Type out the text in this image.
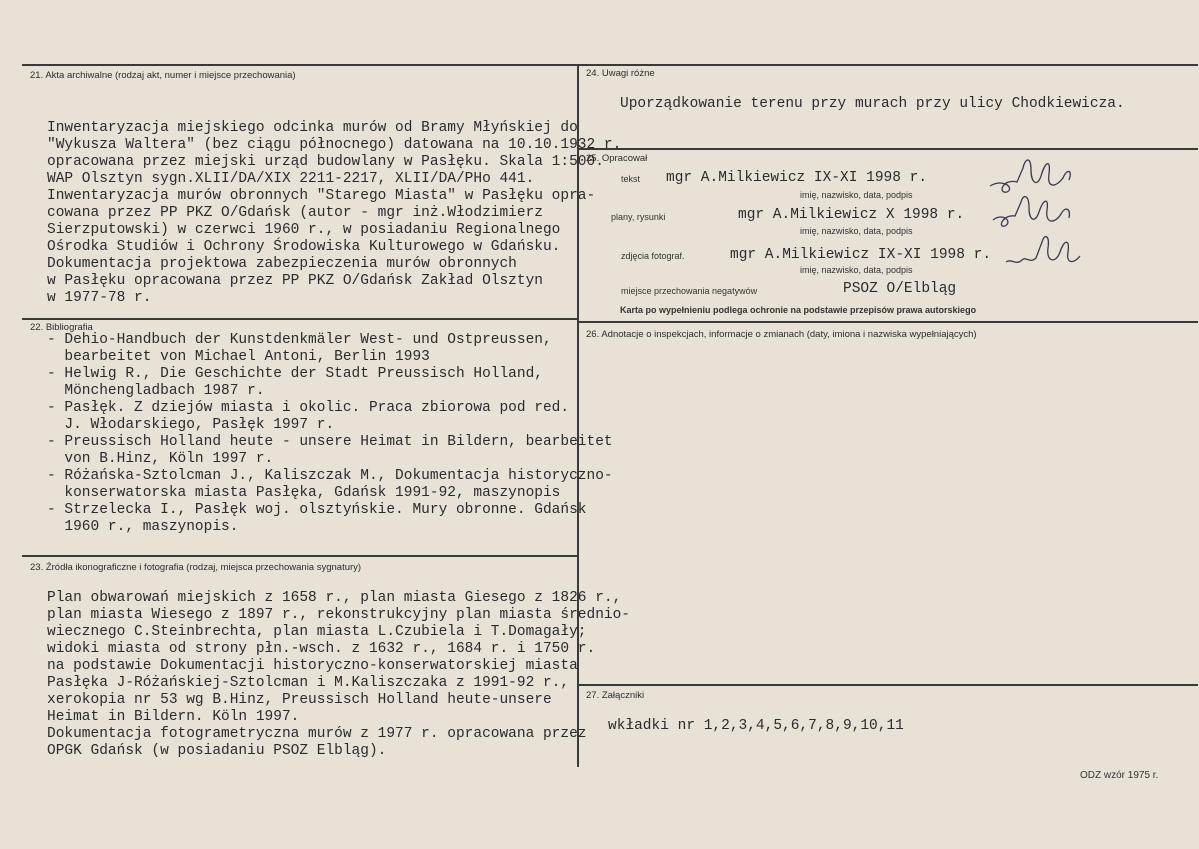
21. Akta archiwalne (rodzaj akt, numer i miejsce przechowania)
Inwentaryzacja miejskiego odcinka murów od Bramy Młyńskiej do
"Wykusza Waltera" (bez ciągu północnego) datowana na 10.10.1932 r.
opracowana przez miejski urząd budowlany w Pasłęku. Skala 1:500.
WAP Olsztyn sygn.XLII/DA/XIX 2211-2217, XLII/DA/PHo 441.
Inwentaryzacja murów obronnych "Starego Miasta" w Pasłęku opra-
cowana przez PP PKZ O/Gdańsk (autor - mgr inż.Włodzimierz
Sierzputowski) w czerwci 1960 r., w posiadaniu Regionalnego
Ośrodka Studiów i Ochrony Środowiska Kulturowego w Gdańsku.
Dokumentacja projektowa zabezpieczenia murów obronnych
w Pasłęku opracowana przez PP PKZ O/Gdańsk Zakład Olsztyn
w 1977-78 r.
22. Bibliografia
- Dehio-Handbuch der Kunstdenkmäler West- und Ostpreussen,
bearbeitet von Michael Antoni, Berlin 1993
- Helwig R., Die Geschichte der Stadt Preussisch Holland,
Mönchengladbach 1987 r.
- Pasłęk. Z dziejów miasta i okolic. Praca zbiorowa pod red.
J. Włodarskiego, Pasłęk 1997 r.
- Preussisch Holland heute - unsere Heimat in Bildern, bearbeitet
von B.Hinz, Köln 1997 r.
- Różańska-Sztolcman J., Kaliszczak M., Dokumentacja historyczno-
konserwatorska miasta Pasłęka, Gdańsk 1991-92, maszynopis
- Strzelecka I., Pasłęk woj. olsztyńskie. Mury obronne. Gdańsk
1960 r., maszynopis.
23. Źródła ikonograficzne i fotografia (rodzaj, miejsca przechowania sygnatury)
Plan obwarowań miejskich z 1658 r., plan miasta Giesego z 1826 r.,
plan miasta Wiesego z 1897 r., rekonstrukcyjny plan miasta średnio-
wiecznego C.Steinbrechta, plan miasta L.Czubiela i T.Domagały;
widoki miasta od strony płn.-wsch. z 1632 r., 1684 r. i 1750 r.
na podstawie Dokumentacji historyczno-konserwatorskiej miasta
Pasłęka J-Różańskiej-Sztolcman i M.Kaliszczaka z 1991-92 r.,
xerokopia nr 53 wg B.Hinz, Preussisch Holland heute-unsere
Heimat in Bildern. Köln 1997.
Dokumentacja fotogrametryczna murów z 1977 r. opracowana przez
OPGK Gdańsk (w posiadaniu PSOZ Elbląg).
24. Uwagi różne
Uporządkowanie terenu przy murach przy ulicy Chodkiewicza.
25. Opracował
tekst mgr A.Milkiewicz IX-XI 1998 r.
imię, nazwisko, data, podpis
plany, rysunki	mgr A.Milkiewicz X 1998 r.
imię, nazwisko, data, podpis
zdjęcia fotograf.	mgr A.Milkiewicz IX-XI 1998 r.
imię, nazwisko, data, podpis
miejsce przechowania negatywów	PSOZ O/Elbląg
Karta po wypełnieniu podlega ochronie na podstawie przepisów prawa autorskiego
26. Adnotacje o inspekcjach, informacje o zmianach (daty, imiona i nazwiska wypełniających)
27. Załączniki
wkładki nr 1,2,3,4,5,6,7,8,9,10,11
ODZ wzór 1975 r.
